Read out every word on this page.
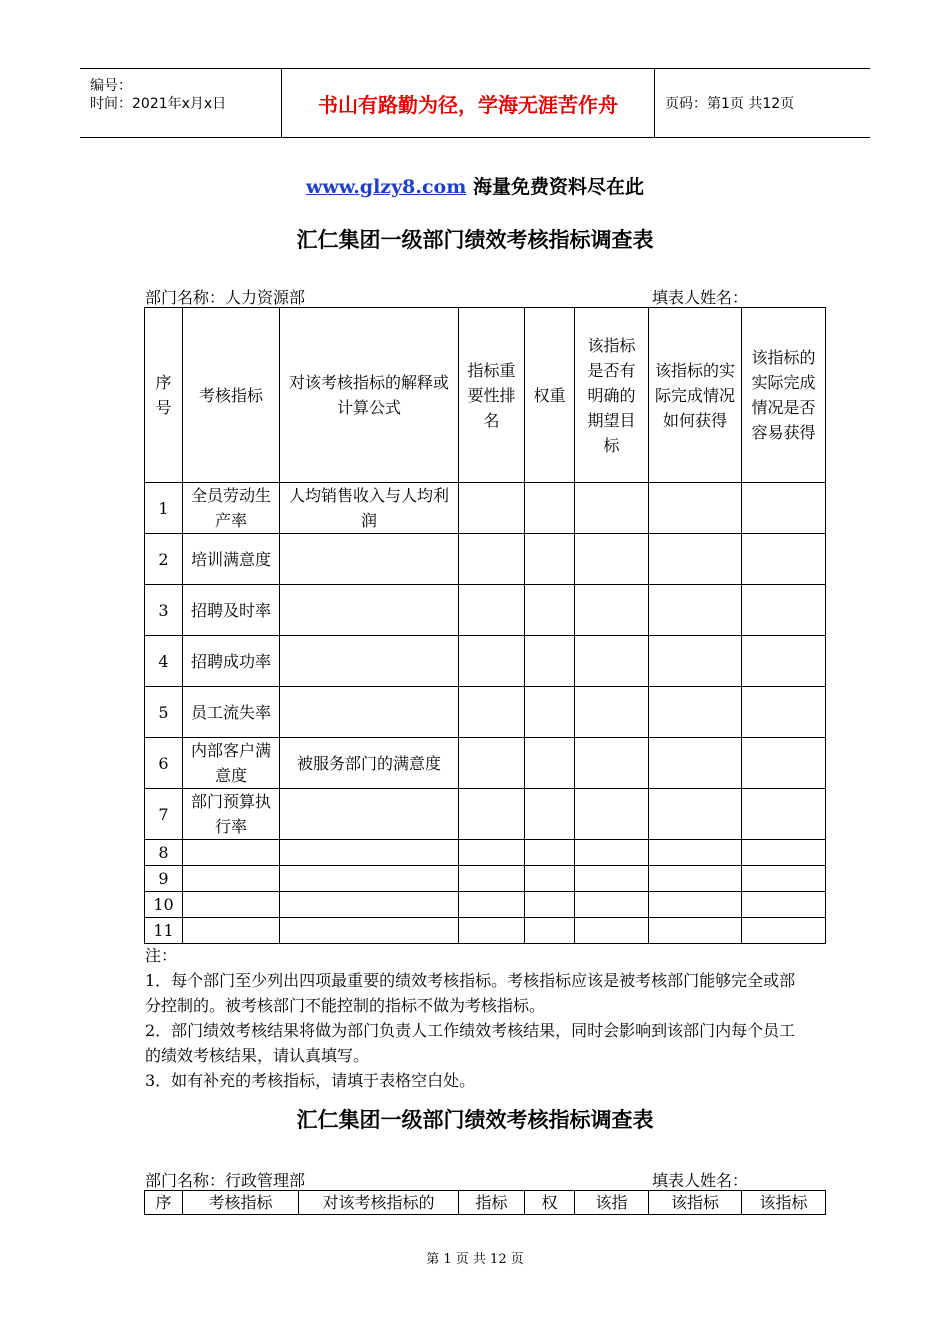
编号：
时间：2021年x月x日	书山有路勤为径，学海无涯苦作舟	页码：第1页 共12页
www.glzy8.com 海量免费资料尽在此
汇仁集团一级部门绩效考核指标调查表
部门名称：人力资源部	填表人姓名：
序号	考核指标	对该考核指标的解释或计算公式	指标重要性排名	权重	该指标是否有明确的期望目标	该指标的实际完成情况如何获得	该指标的实际完成情况是否容易获得
1	全员劳动生产率	人均销售收入与人均利润					
2	培训满意度						
3	招聘及时率						
4	招聘成功率						
5	员工流失率						
6	内部客户满意度	被服务部门的满意度					
7	部门预算执行率						
8							
9							
10							
11							
注：
1．每个部门至少列出四项最重要的绩效考核指标。考核指标应该是被考核部门能够完全或部分控制的。被考核部门不能控制的指标不做为考核指标。
2．部门绩效考核结果将做为部门负责人工作绩效考核结果，同时会影响到该部门内每个员工的绩效考核结果，请认真填写。
3．如有补充的考核指标，请填于表格空白处。
汇仁集团一级部门绩效考核指标调查表
部门名称：行政管理部	填表人姓名：
序	考核指标	对该考核指标的	指标	权	该指	该指标	该指标
第 1 页 共 12 页
